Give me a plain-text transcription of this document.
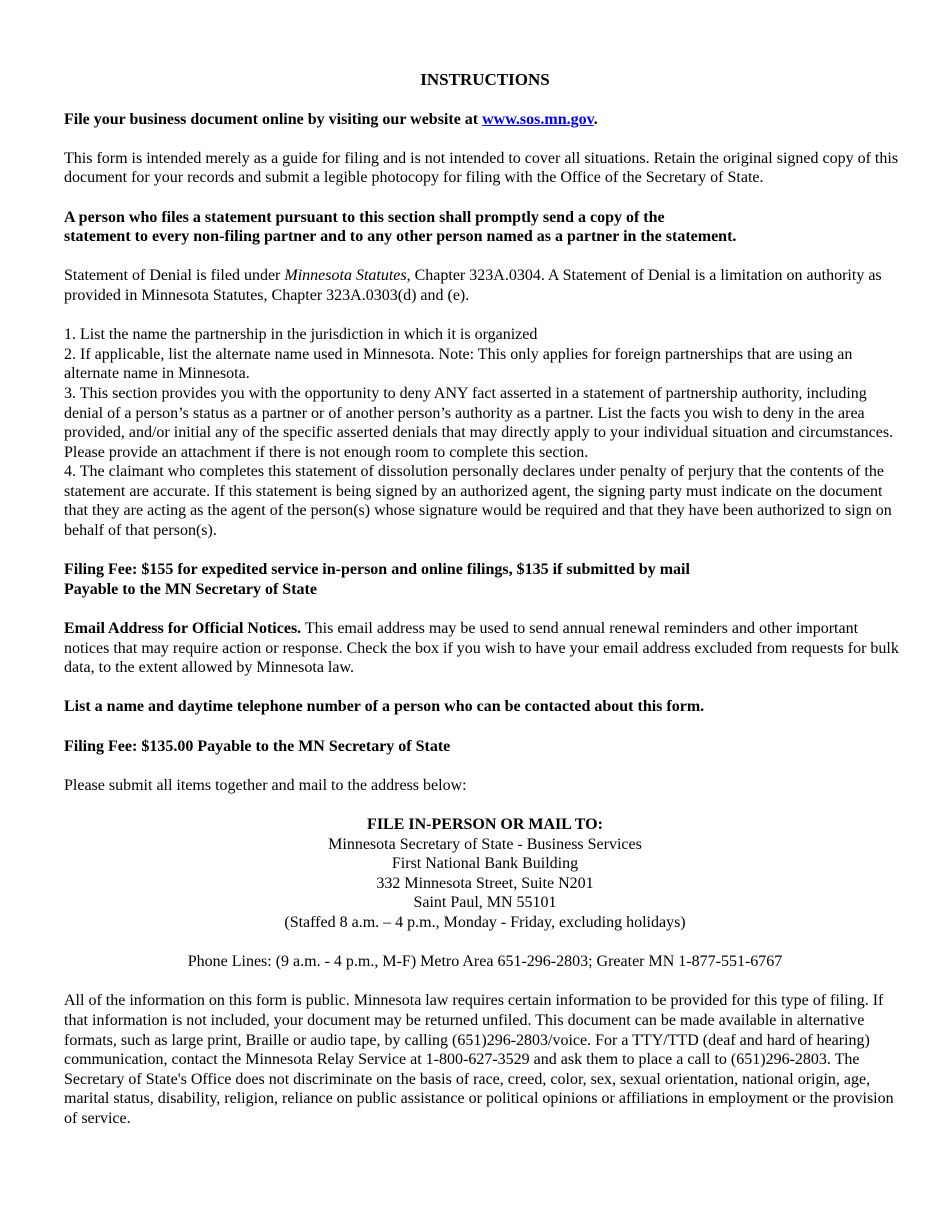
INSTRUCTIONS

File your business document online by visiting our website at www.sos.mn.gov.

This form is intended merely as a guide for filing and is not intended to cover all situations. Retain the original signed copy of this document for your records and submit a legible photocopy for filing with the Office of the Secretary of State.

A person who files a statement pursuant to this section shall promptly send a copy of the
statement to every non-filing partner and to any other person named as a partner in the statement.

Statement of Denial is filed under Minnesota Statutes, Chapter 323A.0304. A Statement of Denial is a limitation on authority as provided in Minnesota Statutes, Chapter 323A.0303(d) and (e).

1. List the name the partnership in the jurisdiction in which it is organized
2. If applicable, list the alternate name used in Minnesota. Note: This only applies for foreign partnerships that are using an alternate name in Minnesota.
3. This section provides you with the opportunity to deny ANY fact asserted in a statement of partnership authority, including denial of a person’s status as a partner or of another person’s authority as a partner. List the facts you wish to deny in the area provided, and/or initial any of the specific asserted denials that may directly apply to your individual situation and circumstances. Please provide an attachment if there is not enough room to complete this section.
4. The claimant who completes this statement of dissolution personally declares under penalty of perjury that the contents of the statement are accurate. If this statement is being signed by an authorized agent, the signing party must indicate on the document that they are acting as the agent of the person(s) whose signature would be required and that they have been authorized to sign on behalf of that person(s).

Filing Fee: $155 for expedited service in-person and online filings, $135 if submitted by mail
Payable to the MN Secretary of State

Email Address for Official Notices. This email address may be used to send annual renewal reminders and other important notices that may require action or response. Check the box if you wish to have your email address excluded from requests for bulk data, to the extent allowed by Minnesota law.

List a name and daytime telephone number of a person who can be contacted about this form.

Filing Fee: $135.00 Payable to the MN Secretary of State

Please submit all items together and mail to the address below:

FILE IN-PERSON OR MAIL TO:
Minnesota Secretary of State - Business Services
First National Bank Building
332 Minnesota Street, Suite N201
Saint Paul, MN 55101
(Staffed 8 a.m. – 4 p.m., Monday - Friday, excluding holidays)

Phone Lines: (9 a.m. - 4 p.m., M-F) Metro Area 651-296-2803; Greater MN 1-877-551-6767

All of the information on this form is public. Minnesota law requires certain information to be provided for this type of filing. If that information is not included, your document may be returned unfiled. This document can be made available in alternative formats, such as large print, Braille or audio tape, by calling (651)296-2803/voice. For a TTY/TTD (deaf and hard of hearing) communication, contact the Minnesota Relay Service at 1-800-627-3529 and ask them to place a call to (651)296-2803. The Secretary of State's Office does not discriminate on the basis of race, creed, color, sex, sexual orientation, national origin, age, marital status, disability, religion, reliance on public assistance or political opinions or affiliations in employment or the provision of service.
